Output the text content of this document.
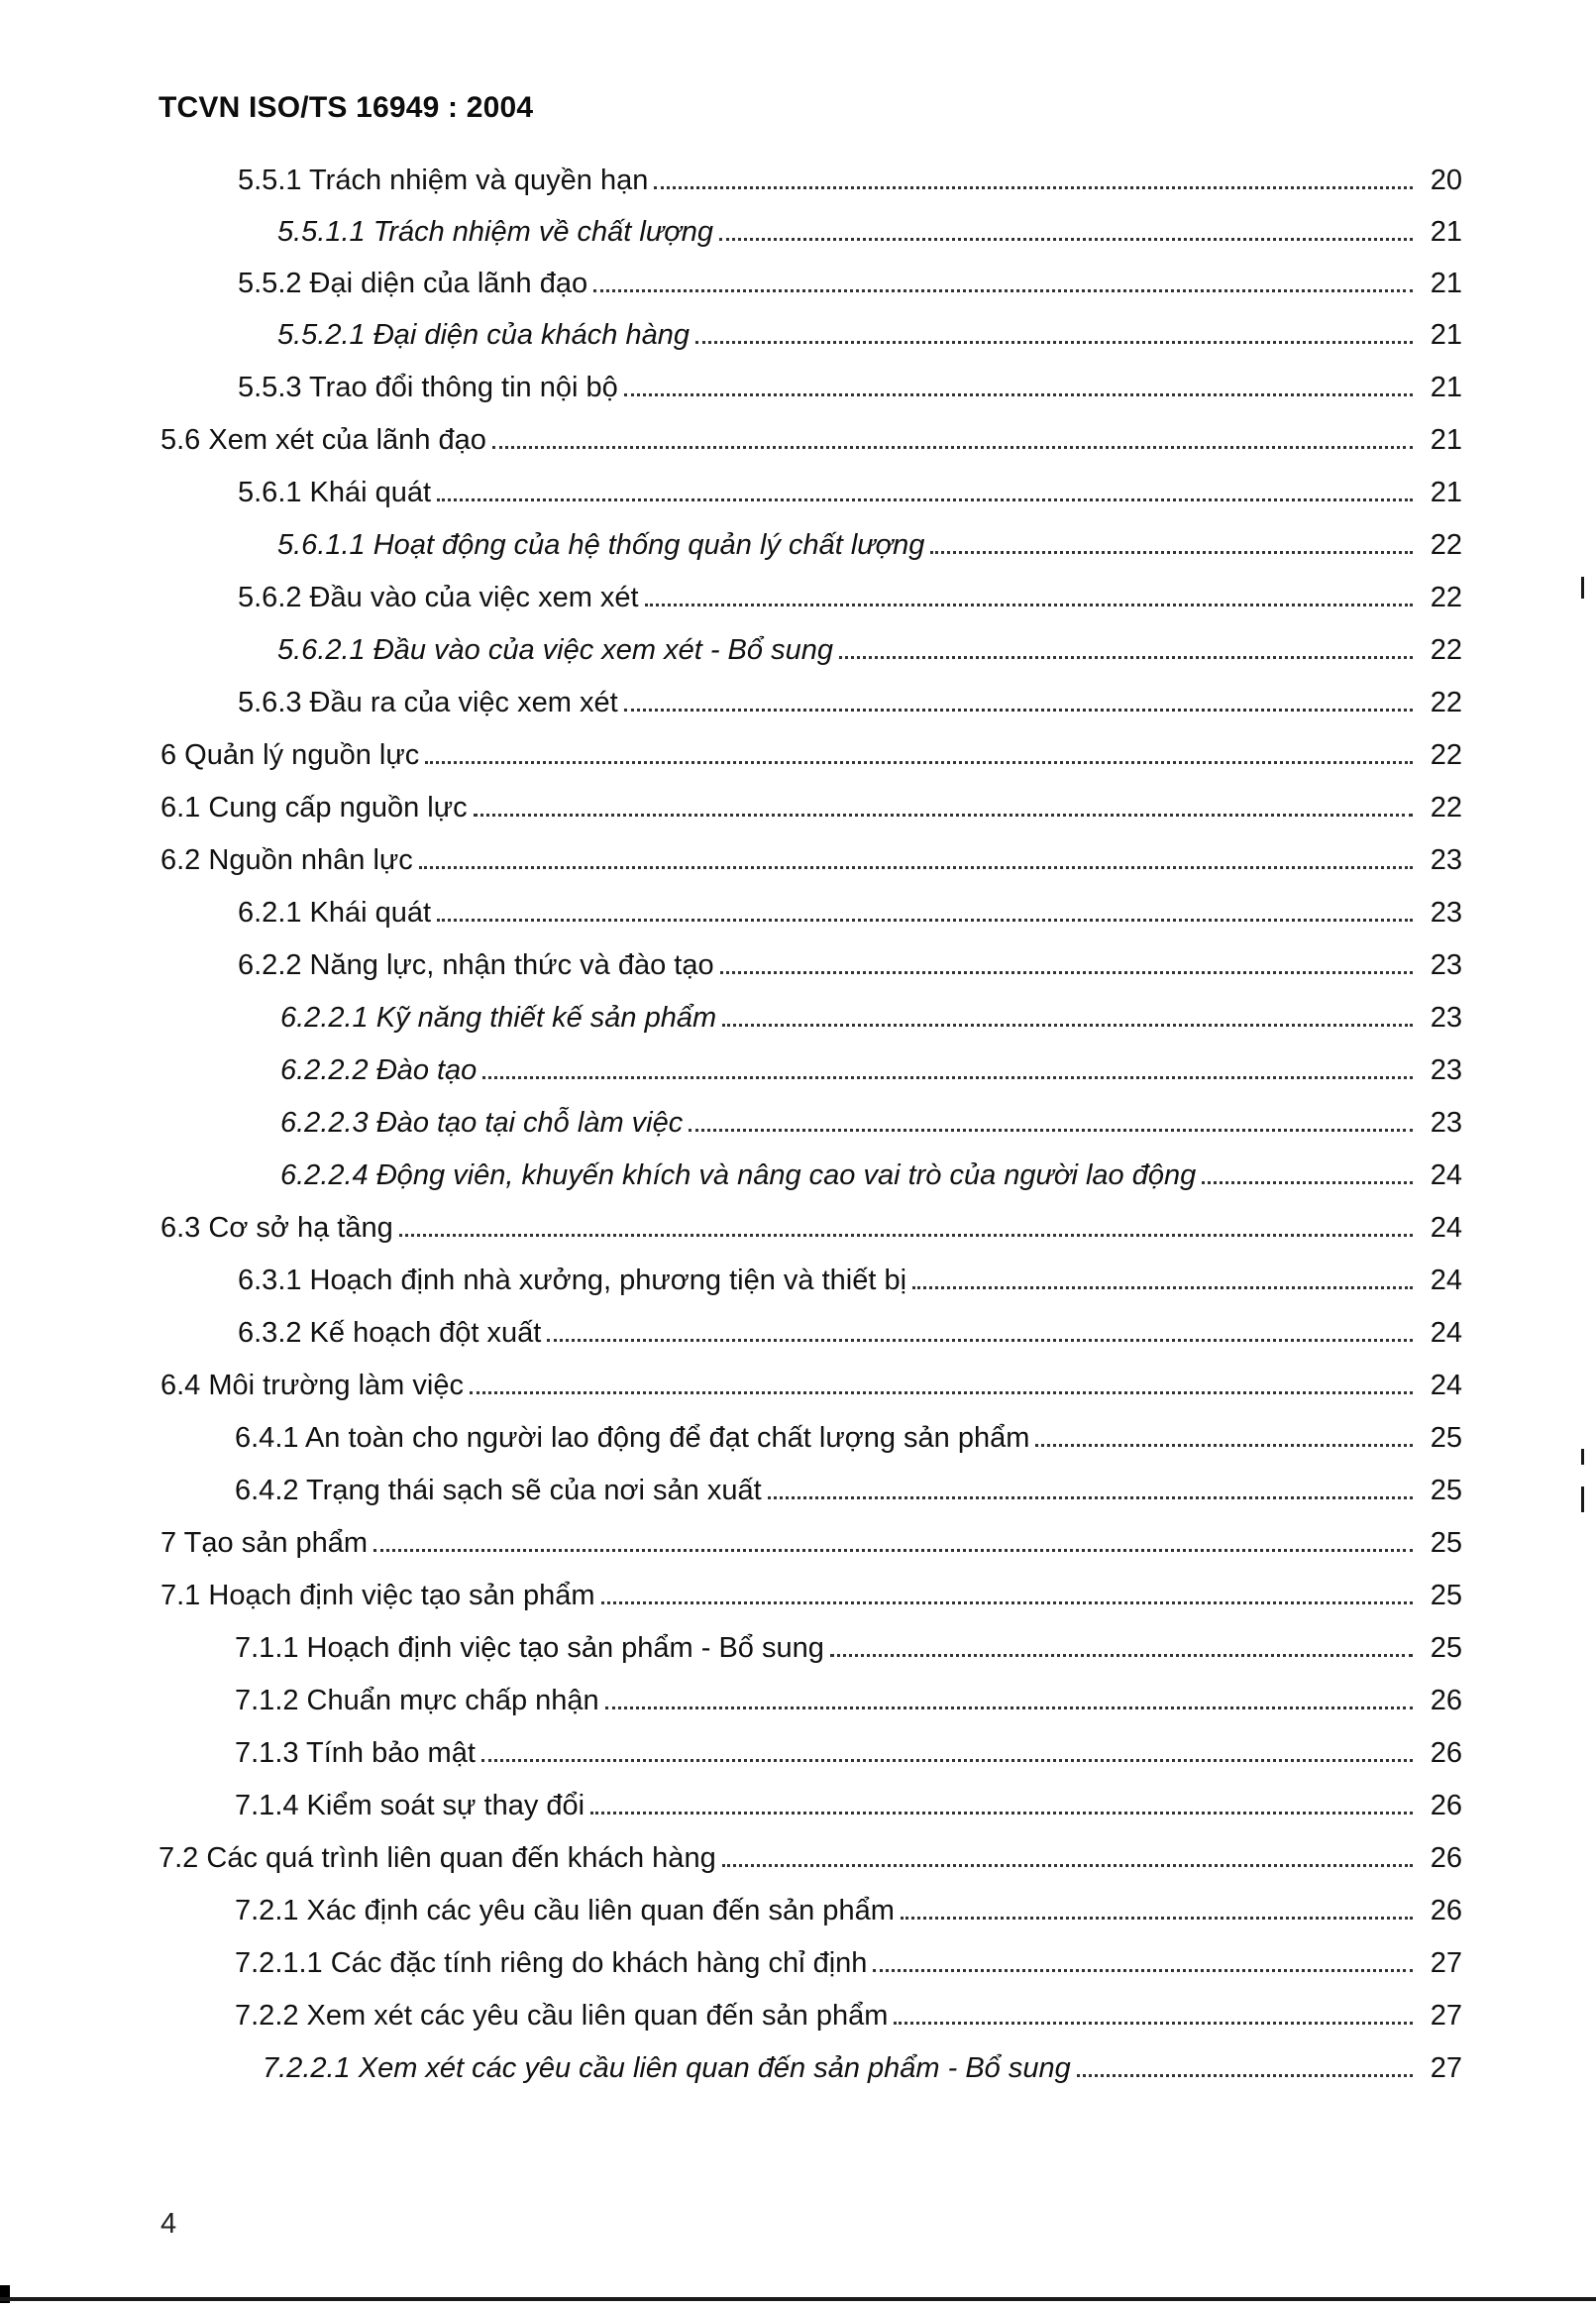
TCVN ISO/TS 16949 : 2004
5.5.1 Trách nhiệm và quyền hạn	20
5.5.1.1 Trách nhiệm về chất lượng	21
5.5.2 Đại diện của lãnh đạo	21
5.5.2.1 Đại diện của khách hàng	21
5.5.3 Trao đổi thông tin nội bộ	21
5.6 Xem xét của lãnh đạo	21
5.6.1 Khái quát	21
5.6.1.1 Hoạt động của hệ thống quản lý chất lượng	22
5.6.2 Đầu vào của việc xem xét	22
5.6.2.1 Đầu vào của việc xem xét - Bổ sung	22
5.6.3 Đầu ra của việc xem xét	22
6 Quản lý nguồn lực	22
6.1 Cung cấp nguồn lực	22
6.2 Nguồn nhân lực	23
6.2.1 Khái quát	23
6.2.2 Năng lực, nhận thức và đào tạo	23
6.2.2.1 Kỹ năng thiết kế sản phẩm	23
6.2.2.2 Đào tạo	23
6.2.2.3 Đào tạo tại chỗ làm việc	23
6.2.2.4 Động viên, khuyến khích và nâng cao vai trò của người lao động	24
6.3 Cơ sở hạ tầng	24
6.3.1 Hoạch định nhà xưởng, phương tiện và thiết bị	24
6.3.2 Kế hoạch đột xuất	24
6.4 Môi trường làm việc	24
6.4.1 An toàn cho người lao động để đạt chất lượng sản phẩm	25
6.4.2 Trạng thái sạch sẽ của nơi sản xuất	25
7 Tạo sản phẩm	25
7.1 Hoạch định việc tạo sản phẩm	25
7.1.1 Hoạch định việc tạo sản phẩm - Bổ sung	25
7.1.2 Chuẩn mực chấp nhận	26
7.1.3 Tính bảo mật	26
7.1.4 Kiểm soát sự thay đổi	26
7.2 Các quá trình liên quan đến khách hàng	26
7.2.1 Xác định các yêu cầu liên quan đến sản phẩm	26
7.2.1.1 Các đặc tính riêng do khách hàng chỉ định	27
7.2.2 Xem xét các yêu cầu liên quan đến sản phẩm	27
7.2.2.1 Xem xét các yêu cầu liên quan đến sản phẩm - Bổ sung	27
4
